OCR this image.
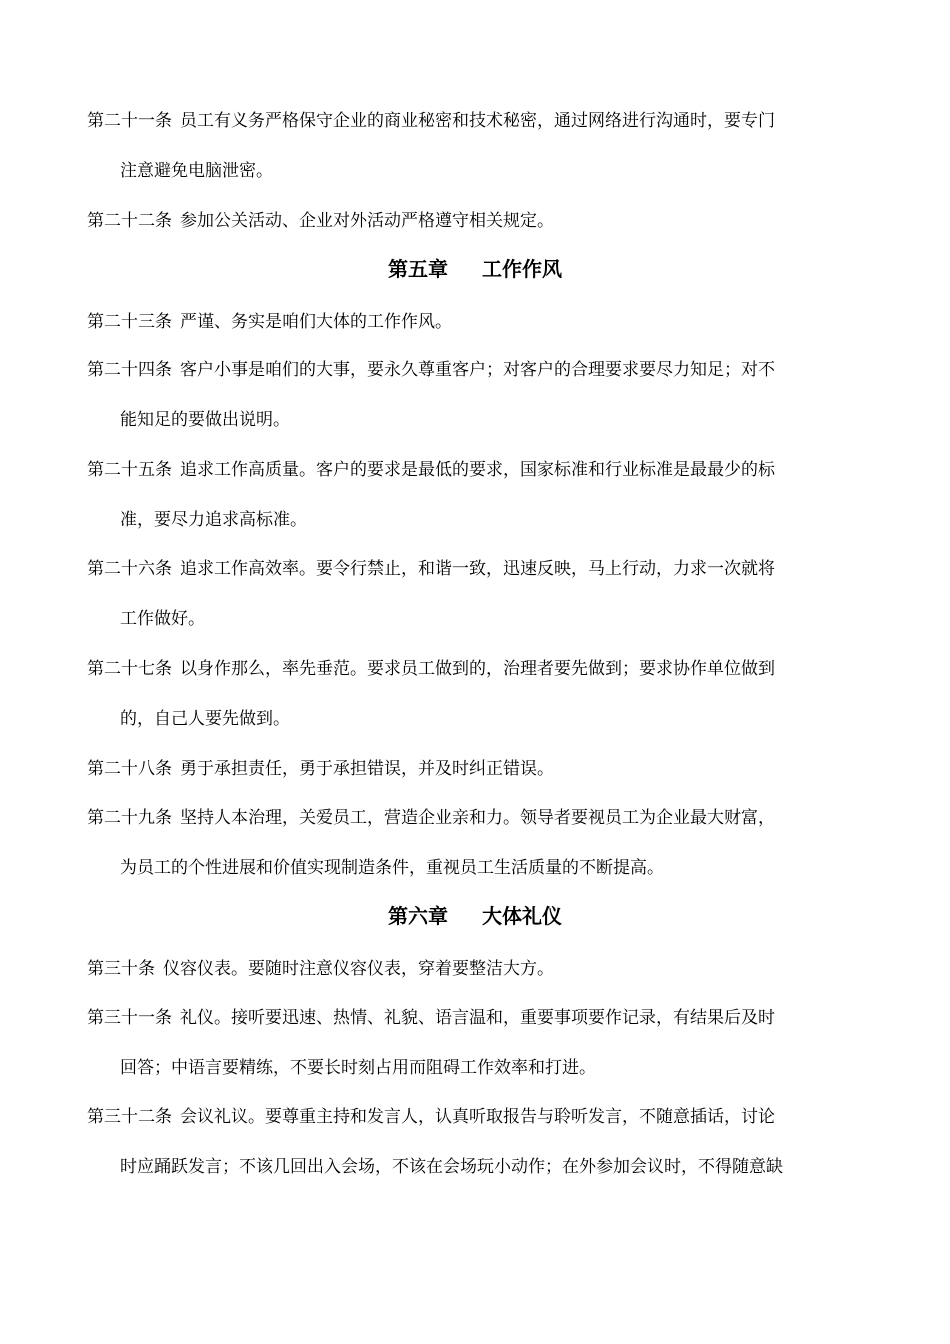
第二十一条 员工有义务严格保守企业的商业秘密和技术秘密，通过网络进行沟通时，要专门
注意避免电脑泄密。
第二十二条 参加公关活动、企业对外活动严格遵守相关规定。
第五章 工作作风
第二十三条 严谨、务实是咱们大体的工作作风。
第二十四条 客户小事是咱们的大事，要永久尊重客户；对客户的合理要求要尽力知足；对不
能知足的要做出说明。
第二十五条 追求工作高质量。客户的要求是最低的要求，国家标准和行业标准是最最少的标
准，要尽力追求高标准。
第二十六条 追求工作高效率。要令行禁止，和谐一致，迅速反映，马上行动，力求一次就将
工作做好。
第二十七条 以身作那么，率先垂范。要求员工做到的，治理者要先做到；要求协作单位做到
的，自己人要先做到。
第二十八条 勇于承担责任，勇于承担错误，并及时纠正错误。
第二十九条 坚持人本治理，关爱员工，营造企业亲和力。领导者要视员工为企业最大财富，
为员工的个性进展和价值实现制造条件，重视员工生活质量的不断提高。
第六章 大体礼仪
第三十条 仪容仪表。要随时注意仪容仪表，穿着要整洁大方。
第三十一条 礼仪。接听要迅速、热情、礼貌、语言温和，重要事项要作记录，有结果后及时
回答；中语言要精练，不要长时刻占用而阻碍工作效率和打进。
第三十二条 会议礼议。要尊重主持和发言人，认真听取报告与聆听发言，不随意插话，讨论
时应踊跃发言；不该几回出入会场，不该在会场玩小动作；在外参加会议时，不得随意缺
